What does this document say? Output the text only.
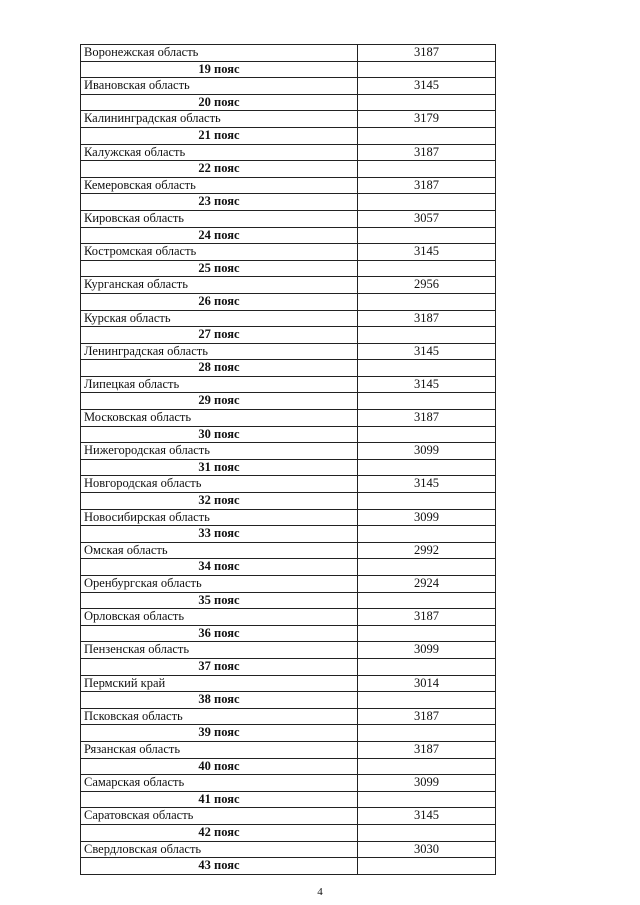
Воронежская область	3187
19 пояс	
Ивановская область	3145
20 пояс	
Калининградская область	3179
21 пояс	
Калужская область	3187
22 пояс	
Кемеровская область	3187
23 пояс	
Кировская область	3057
24 пояс	
Костромская область	3145
25 пояс	
Курганская область	2956
26 пояс	
Курская область	3187
27 пояс	
Ленинградская область	3145
28 пояс	
Липецкая область	3145
29 пояс	
Московская область	3187
30 пояс	
Нижегородская область	3099
31 пояс	
Новгородская область	3145
32 пояс	
Новосибирская область	3099
33 пояс	
Омская область	2992
34 пояс	
Оренбургская область	2924
35 пояс	
Орловская область	3187
36 пояс	
Пензенская область	3099
37 пояс	
Пермский край	3014
38 пояс	
Псковская область	3187
39 пояс	
Рязанская область	3187
40 пояс	
Самарская область	3099
41 пояс	
Саратовская область	3145
42 пояс	
Свердловская область	3030
43 пояс	
4
